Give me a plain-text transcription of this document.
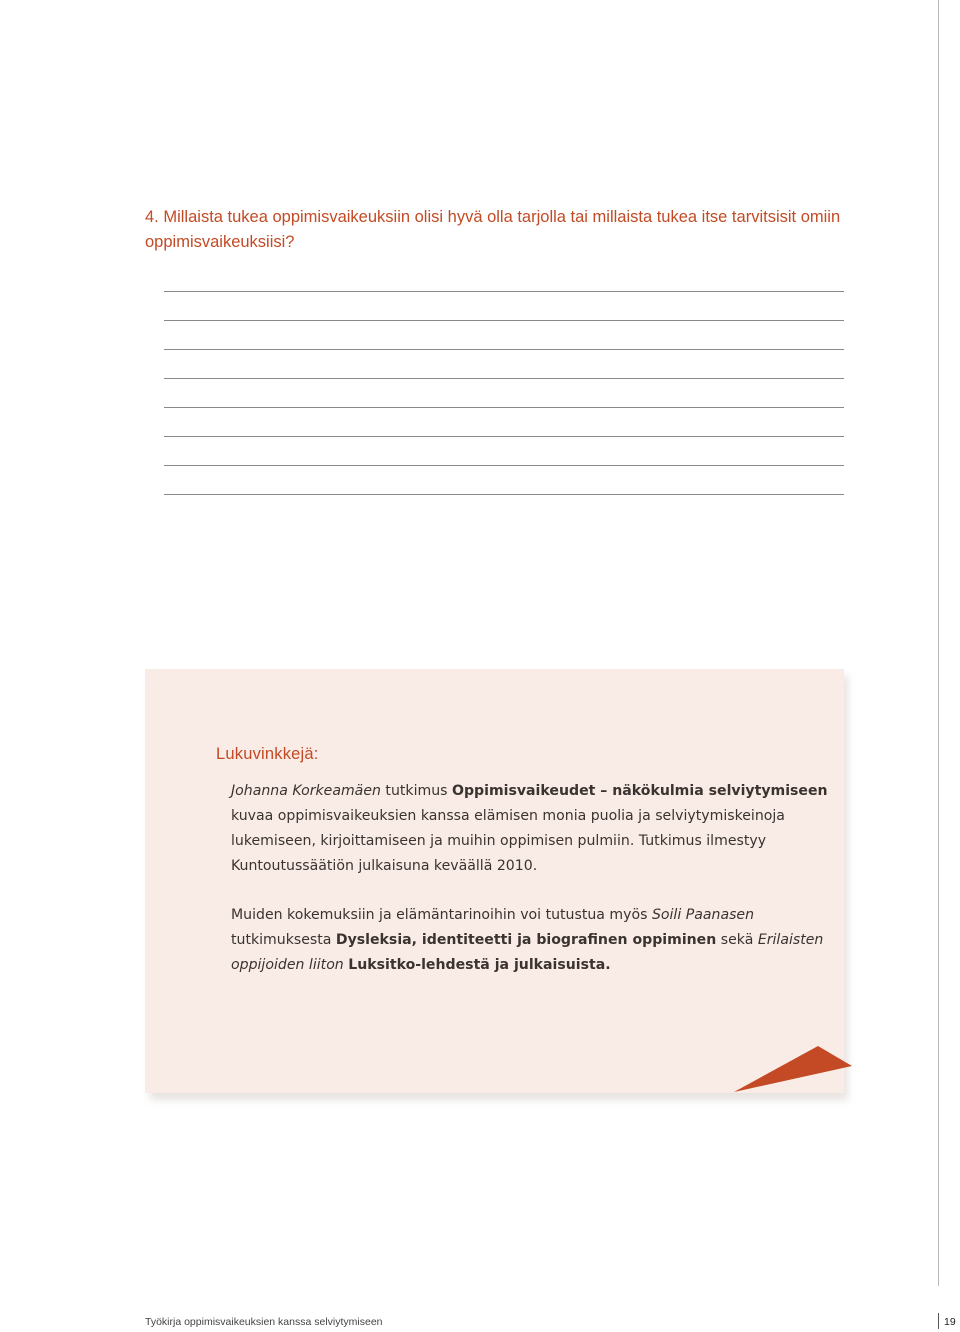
4. Millaista tukea oppimisvaikeuksiin olisi hyvä olla tarjolla tai millaista tukea itse tarvitsisit omiin oppimisvaikeuksiisi?
Lukuvinkkejä:

Johanna Korkeamäen tutkimus Oppimisvaikeudet – näkökulmia selviytymiseen kuvaa oppimisvaikeuksien kanssa elämisen monia puolia ja selviytymiskeinoja lukemiseen, kirjoittamiseen ja muihin oppimisen pulmiin. Tutkimus ilmestyy Kuntoutussäätiön julkaisuna keväällä 2010.

Muiden kokemuksiin ja elämäntarinoihin voi tutustua myös Soili Paanasen tutkimuksesta Dysleksia, identiteetti ja biografinen oppiminen sekä Erilaisten oppijoiden liiton Luksitko-lehdestä ja julkaisuista.

Työkirja oppimisvaikeuksien kanssa selviytymiseen	19
